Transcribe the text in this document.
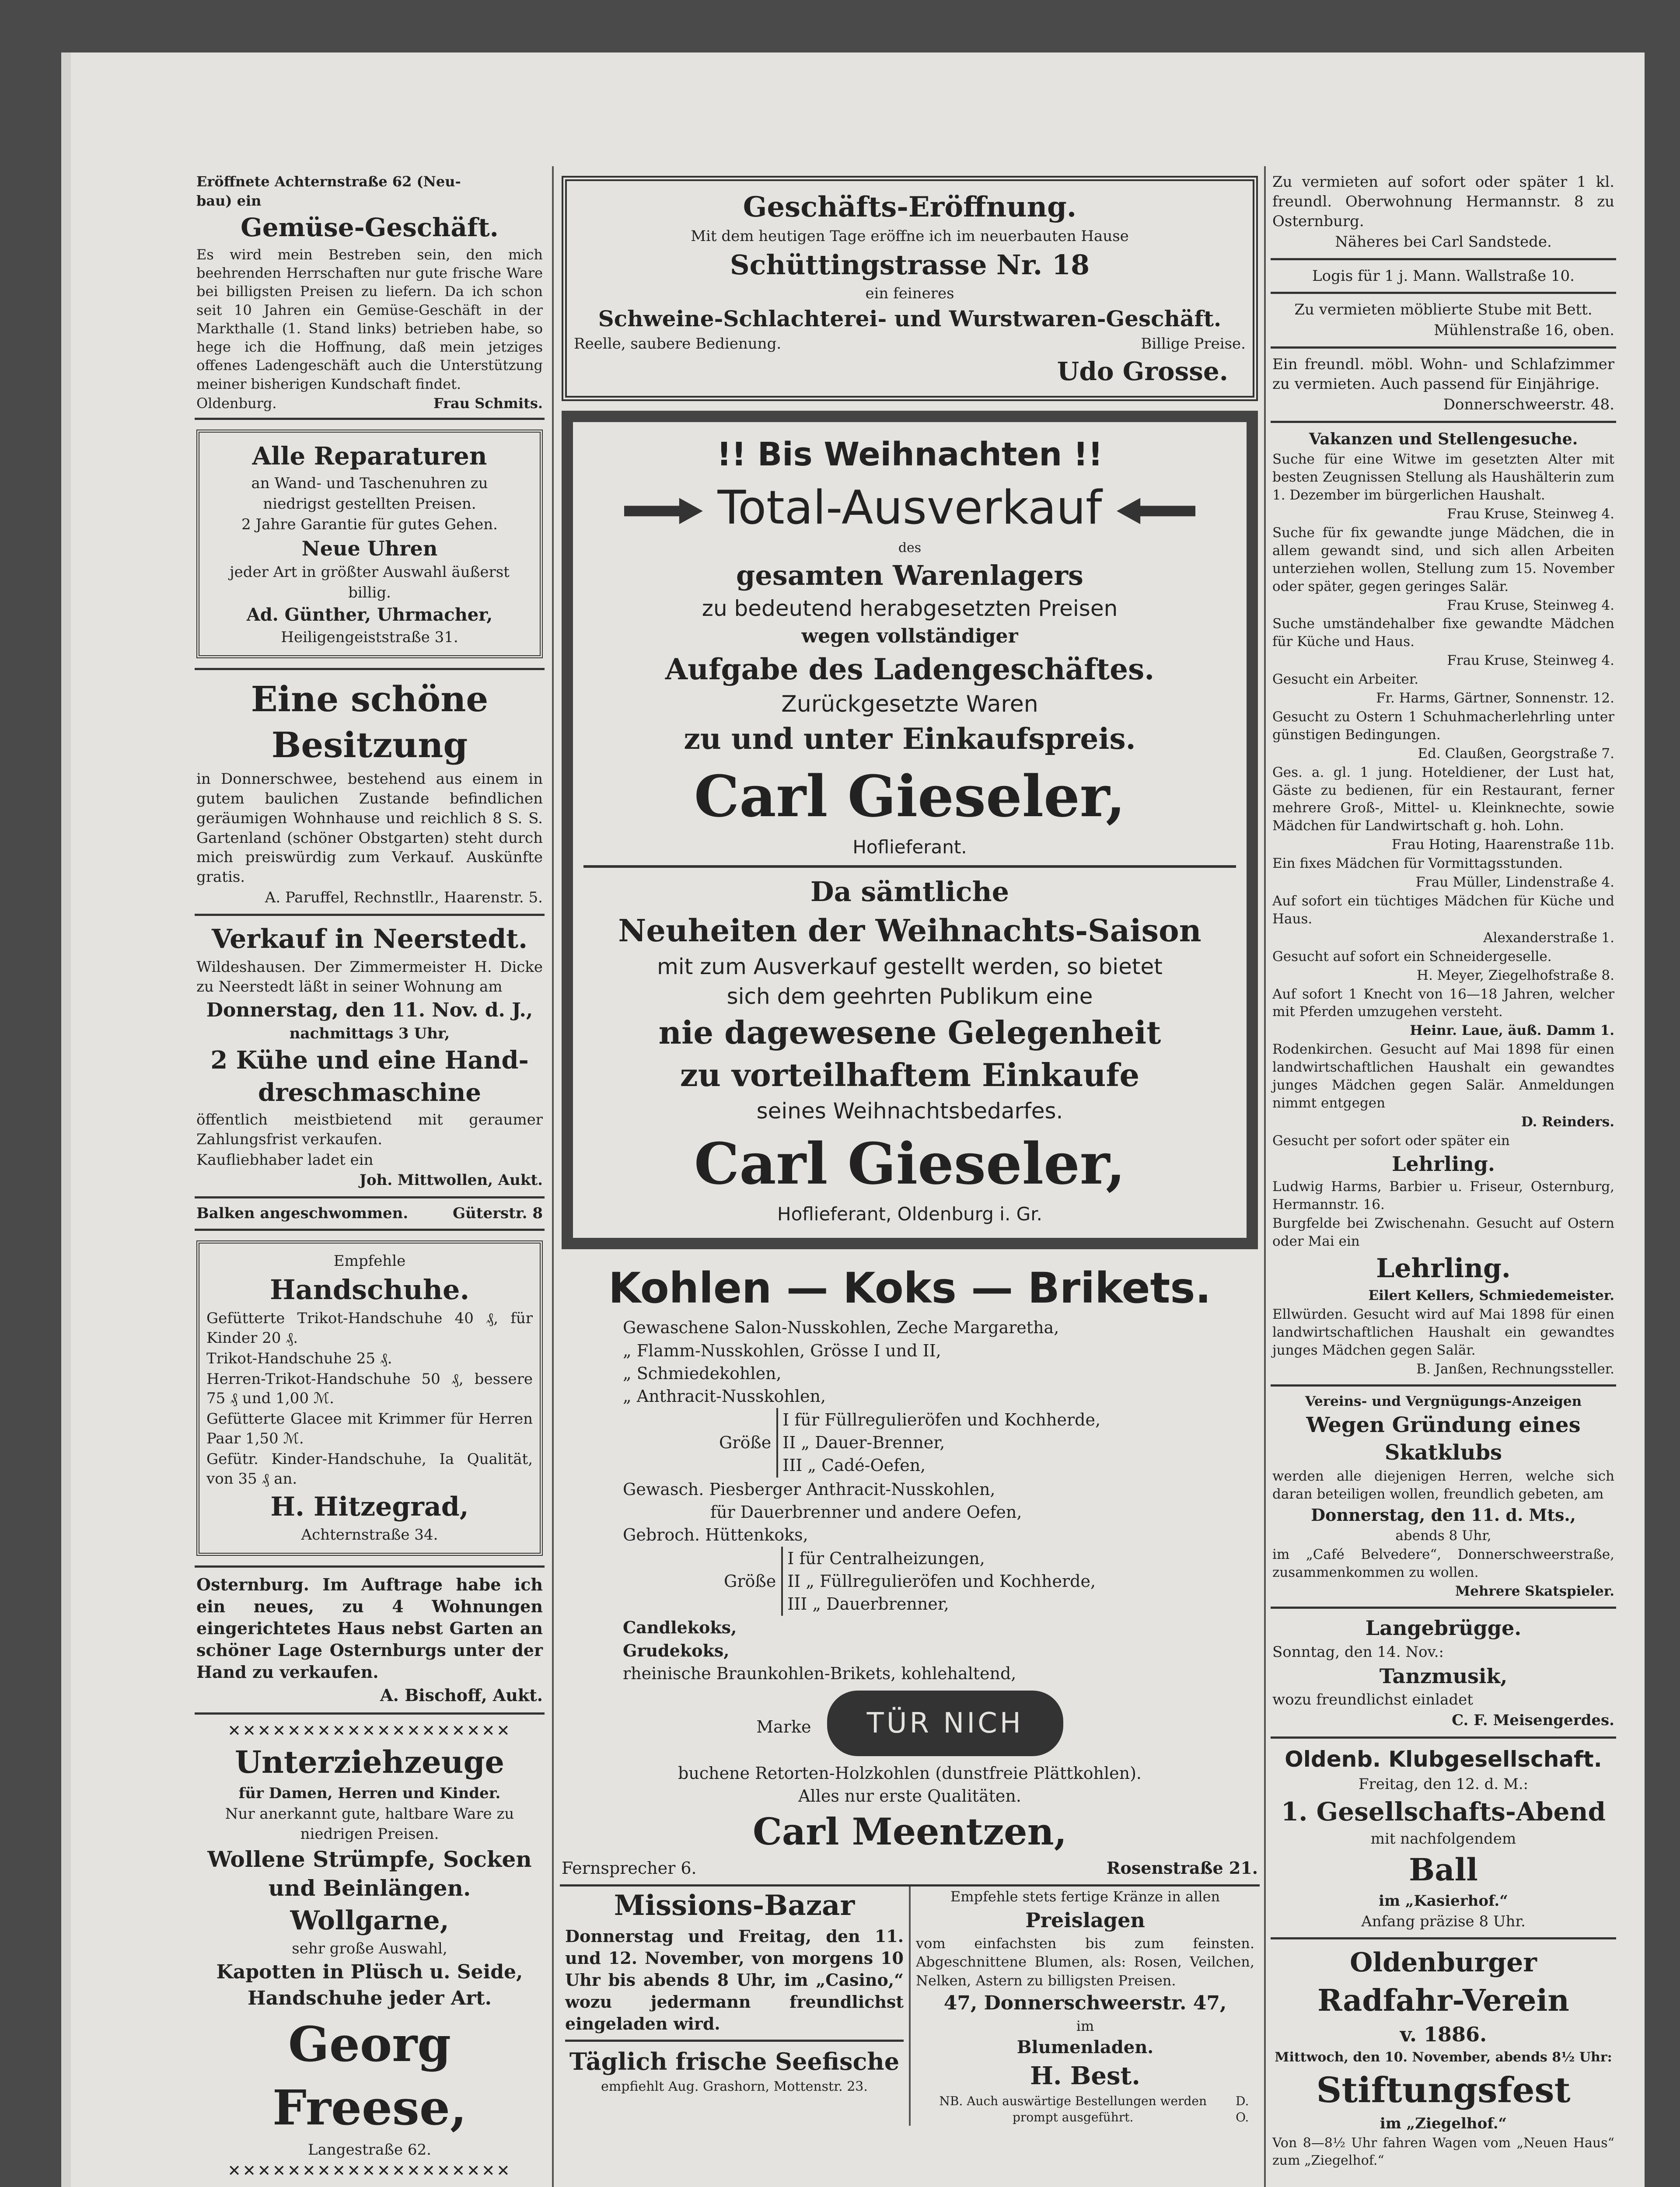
Eröffnete Achternstraße 62 (Neu-

bau) ein

Gemüse-Geschäft.

Es wird mein Bestreben sein, den mich beehrenden Herrschaften nur gute frische Ware bei billigsten Preisen zu liefern. Da ich schon seit 10 Jahren ein Gemüse-Geschäft in der Markthalle (1. Stand links) betrieben habe, so hege ich die Hoffnung, daß mein jetziges offenes Ladengeschäft auch die Unterstützung meiner bisherigen Kundschaft findet.

Oldenburg.	Frau Schmits.

Alle Reparaturen

an Wand- und Taschenuhren zu

niedrigst gestellten Preisen.

2 Jahre Garantie für gutes Gehen.

Neue Uhren

jeder Art in größter Auswahl äußerst

billig.

Ad. Günther, Uhrmacher,

Heiligengeiststraße 31.

Eine schöne Besitzung

in Donnerschwee, bestehend aus einem in gutem baulichen Zustande befindlichen geräumigen Wohnhause und reichlich 8 S. S. Gartenland (schöner Obstgarten) steht durch mich preiswürdig zum Verkauf. Auskünfte gratis.

A. Paruffel, Rechnstllr., Haarenstr. 5.

Verkauf in Neerstedt.

Wildeshausen. Der Zimmermeister H. Dicke zu Neerstedt läßt in seiner Wohnung am

Donnerstag, den 11. Nov. d. J.,

nachmittags 3 Uhr,

2 Kühe und eine Hand-dreschmaschine

öffentlich meistbietend mit geraumer Zahlungsfrist verkaufen.

Kaufliebhaber ladet ein

Joh. Mittwollen, Aukt.

Balken angeschwommen.	Güterstr. 8

Empfehle

Handschuhe.

Gefütterte Trikot-Handschuhe 40 ₰, für Kinder 20 ₰.

Trikot-Handschuhe 25 ₰.

Herren-Trikot-Handschuhe 50 ₰, bessere 75 ₰ und 1,00 ℳ.

Gefütterte Glacee mit Krimmer für Herren Paar 1,50 ℳ.

Gefütr. Kinder-Handschuhe, Ia Qualität, von 35 ₰ an.

H. Hitzegrad,

Achternstraße 34.

Osternburg. Im Auftrage habe ich ein neues, zu 4 Wohnungen eingerichtetes Haus nebst Garten an schöner Lage Osternburgs unter der Hand zu verkaufen.

A. Bischoff, Aukt.

✕✕✕✕✕✕✕✕✕✕✕✕✕✕✕✕✕✕✕

Unterziehzeuge

für Damen, Herren und Kinder.

Nur anerkannt gute, haltbare Ware zu

niedrigen Preisen.

Wollene Strümpfe, Socken und Beinlängen.

Wollgarne,

sehr große Auswahl,

Kapotten in Plüsch u. Seide,

Handschuhe jeder Art.

Georg Freese,

Langestraße 62.

✕✕✕✕✕✕✕✕✕✕✕✕✕✕✕✕✕✕✕

Geschäfts-Eröffnung.

Mit dem heutigen Tage eröffne ich im neuerbauten Hause

Schüttingstrasse Nr. 18

ein feineres

Schweine-Schlachterei- und Wurstwaren-Geschäft.

Reelle, saubere Bedienung.	Billige Preise.

Udo Grosse.

!! Bis Weihnachten !!

Total-Ausverkauf

des

gesamten Warenlagers

zu bedeutend herabgesetzten Preisen

wegen vollständiger

Aufgabe des Ladengeschäftes.

Zurückgesetzte Waren

zu und unter Einkaufspreis.

Carl Gieseler,

Hoflieferant.

Da sämtliche

Neuheiten der Weihnachts-Saison

mit zum Ausverkauf gestellt werden, so bietet

sich dem geehrten Publikum eine

nie dagewesene Gelegenheit

zu vorteilhaftem Einkaufe

seines Weihnachtsbedarfes.

Carl Gieseler,

Hoflieferant, Oldenburg i. Gr.

Kohlen — Koks — Brikets.

Gewaschene Salon-Nusskohlen, Zeche Margaretha,

„ Flamm-Nusskohlen, Grösse I und II,

„ Schmiedekohlen,

„ Anthracit-Nusskohlen,

Größe

I für Füllregulieröfen und Kochherde,

II „ Dauer-Brenner,

III „ Cadé-Oefen,

Gewasch. Piesberger Anthracit-Nusskohlen,

für Dauerbrenner und andere Oefen,

Gebroch. Hüttenkoks,

Größe

I für Centralheizungen,

II „ Füllregulieröfen und Kochherde,

III „ Dauerbrenner,

Candlekoks,

Grudekoks,

rheinische Braunkohlen-Brikets, kohlehaltend,

Marke TÜR NICH

buchene Retorten-Holzkohlen (dunstfreie Plättkohlen).

Alles nur erste Qualitäten.

Carl Meentzen,

Fernsprecher 6.	Rosenstraße 21.

Missions-Bazar

Donnerstag und Freitag, den 11. und 12. November, von morgens 10 Uhr bis abends 8 Uhr, im „Casino,“ wozu jedermann freundlichst eingeladen wird.

Täglich frische Seefische

empfiehlt Aug. Grashorn, Mottenstr. 23.

Empfehle stets fertige Kränze in allen

Preislagen

vom einfachsten bis zum feinsten. Abgeschnittene Blumen, als: Rosen, Veilchen, Nelken, Astern zu billigsten Preisen.

47, Donnerschweerstr. 47,

im

Blumenladen.

H. Best.

NB. Auch auswärtige Bestellungen werden prompt ausgeführt.
D. O.

Zu vermieten auf sofort oder später 1 kl. freundl. Oberwohnung Hermannstr. 8 zu Osternburg.

Näheres bei Carl Sandstede.

Logis für 1 j. Mann. Wallstraße 10.

Zu vermieten möblierte Stube mit Bett.

Mühlenstraße 16, oben.

Ein freundl. möbl. Wohn- und Schlafzimmer zu vermieten. Auch passend für Einjährige.

Donnerschweerstr. 48.

Vakanzen und Stellengesuche.

Suche für eine Witwe im gesetzten Alter mit besten Zeugnissen Stellung als Haushälterin zum 1. Dezember im bürgerlichen Haushalt.

Frau Kruse, Steinweg 4.

Suche für fix gewandte junge Mädchen, die in allem gewandt sind, und sich allen Arbeiten unterziehen wollen, Stellung zum 15. November oder später, gegen geringes Salär.

Frau Kruse, Steinweg 4.

Suche umständehalber fixe gewandte Mädchen für Küche und Haus.

Frau Kruse, Steinweg 4.

Gesucht ein Arbeiter.

Fr. Harms, Gärtner, Sonnenstr. 12.

Gesucht zu Ostern 1 Schuhmacherlehrling unter günstigen Bedingungen.

Ed. Claußen, Georgstraße 7.

Ges. a. gl. 1 jung. Hoteldiener, der Lust hat, Gäste zu bedienen, für ein Restaurant, ferner mehrere Groß-, Mittel- u. Kleinknechte, sowie Mädchen für Landwirtschaft g. hoh. Lohn.

Frau Hoting, Haarenstraße 11b.

Ein fixes Mädchen für Vormittagsstunden.

Frau Müller, Lindenstraße 4.

Auf sofort ein tüchtiges Mädchen für Küche und Haus.

Alexanderstraße 1.

Gesucht auf sofort ein Schneidergeselle.

H. Meyer, Ziegelhofstraße 8.

Auf sofort 1 Knecht von 16—18 Jahren, welcher mit Pferden umzugehen versteht.

Heinr. Laue, äuß. Damm 1.

Rodenkirchen. Gesucht auf Mai 1898 für einen landwirtschaftlichen Haushalt ein gewandtes junges Mädchen gegen Salär. Anmeldungen nimmt entgegen

D. Reinders.

Gesucht per sofort oder später ein

Lehrling.

Ludwig Harms, Barbier u. Friseur, Osternburg, Hermannstr. 16.

Burgfelde bei Zwischenahn. Gesucht auf Ostern oder Mai ein

Lehrling.

Eilert Kellers, Schmiedemeister.

Ellwürden. Gesucht wird auf Mai 1898 für einen landwirtschaftlichen Haushalt ein gewandtes junges Mädchen gegen Salär.

B. Janßen, Rechnungssteller.

Vereins- und Vergnügungs-Anzeigen

Wegen Gründung eines Skatklubs

werden alle diejenigen Herren, welche sich daran beteiligen wollen, freundlich gebeten, am

Donnerstag, den 11. d. Mts.,

abends 8 Uhr,

im „Café Belvedere“, Donnerschweerstraße, zusammenkommen zu wollen.

Mehrere Skatspieler.

Langebrügge.

Sonntag, den 14. Nov.:

Tanzmusik,

wozu freundlichst einladet

C. F. Meisengerdes.

Oldenb. Klubgesellschaft.

Freitag, den 12. d. M.:

1. Gesellschafts-Abend

mit nachfolgendem

Ball

im „Kasierhof.“

Anfang präzise 8 Uhr.

Oldenburger

Radfahr-Verein

v. 1886.

Mittwoch, den 10. November, abends 8½ Uhr:

Stiftungsfest

im „Ziegelhof.“

Von 8—8½ Uhr fahren Wagen vom „Neuen Haus“ zum „Ziegelhof.“
